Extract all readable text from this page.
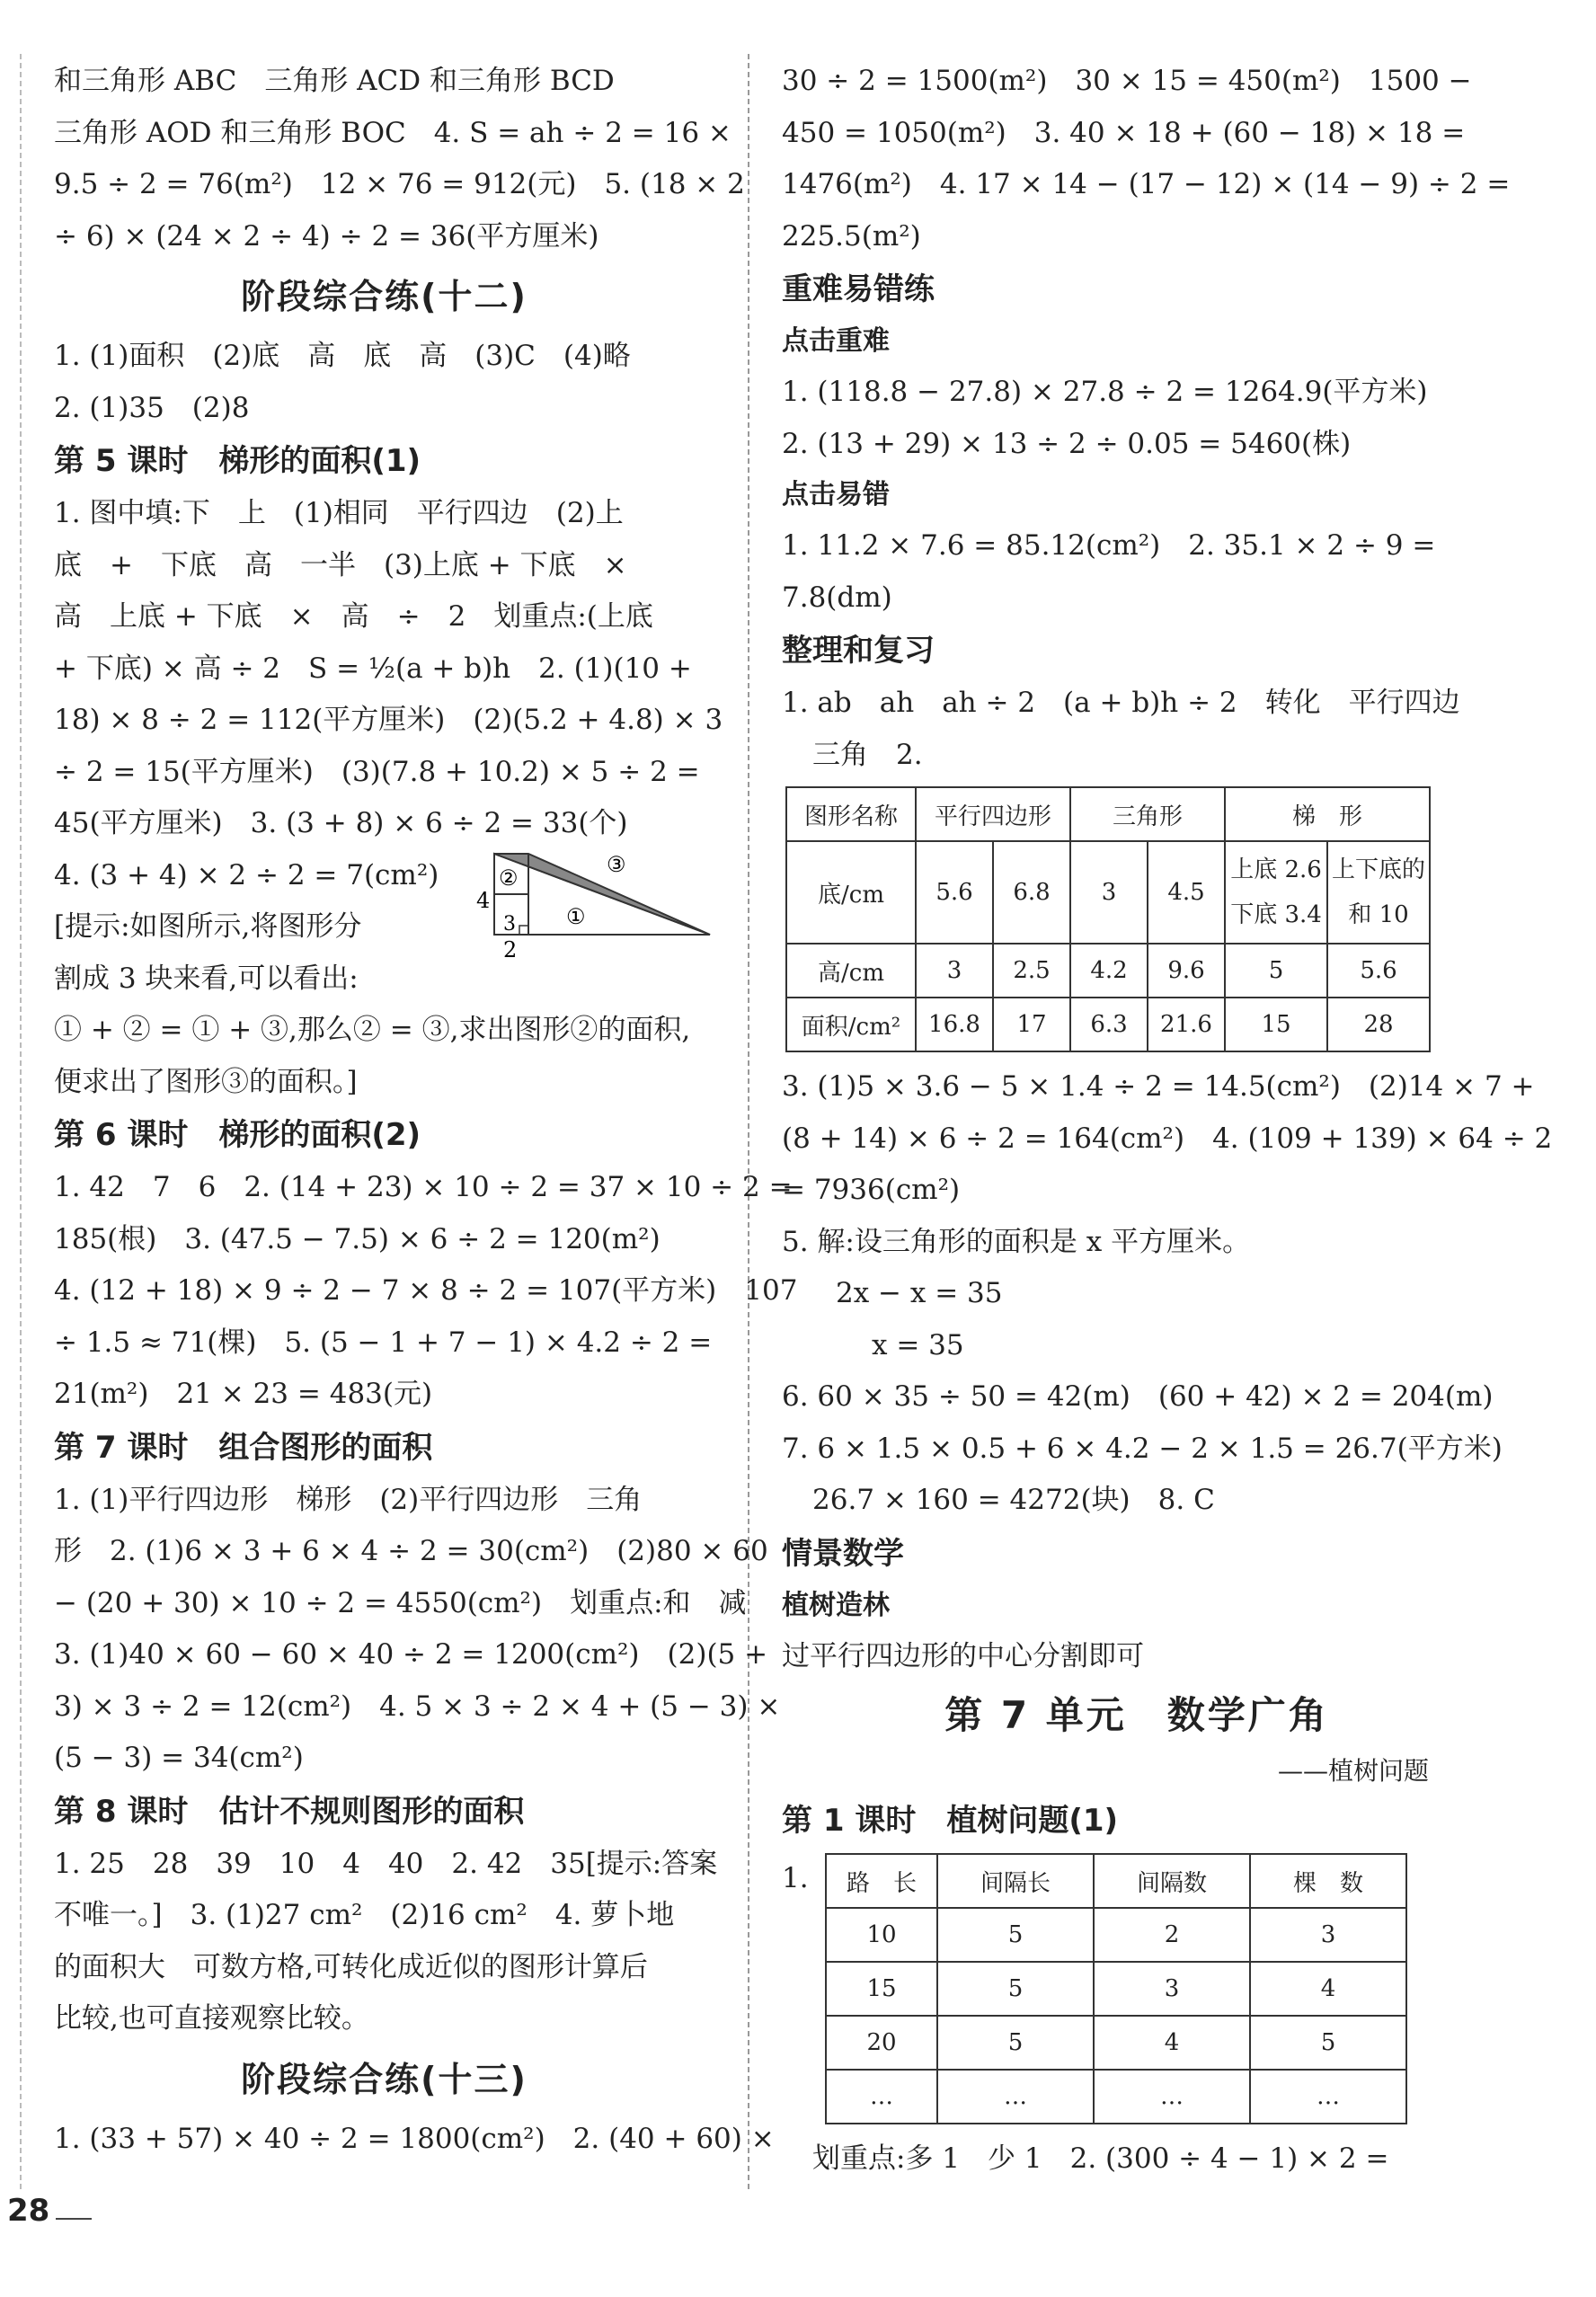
和三角形 ABC　三角形 ACD 和三角形 BCD

三角形 AOD 和三角形 BOC　4. S = ah ÷ 2 = 16 ×

9.5 ÷ 2 = 76(m²)　12 × 76 = 912(元)　5. (18 × 2

÷ 6) × (24 × 2 ÷ 4) ÷ 2 = 36(平方厘米)

阶段综合练(十二)

1. (1)面积　(2)底　高　底　高　(3)C　(4)略

2. (1)35　(2)8

第 5 课时　梯形的面积(1)

1. 图中填:下　上　(1)相同　平行四边　(2)上

底　+　下底　高　一半　(3)上底 + 下底　×

高　上底 + 下底　×　高　÷　2　划重点:(上底

+ 下底) × 高 ÷ 2　S = ½(a + b)h　2. (1)(10 +

18) × 8 ÷ 2 = 112(平方厘米)　(2)(5.2 + 4.8) × 3

÷ 2 = 15(平方厘米)　(3)(7.8 + 10.2) × 5 ÷ 2 =

45(平方厘米)　3. (3 + 8) × 6 ÷ 2 = 33(个)

4. (3 + 4) × 2 ÷ 2 = 7(cm²)

4
2
3
②
①
③

[提示:如图所示,将图形分

割成 3 块来看,可以看出:

① + ② = ① + ③,那么② = ③,求出图形②的面积,

便求出了图形③的面积。]

第 6 课时　梯形的面积(2)

1. 42　7　6　2. (14 + 23) × 10 ÷ 2 = 37 × 10 ÷ 2 =

185(根)　3. (47.5 − 7.5) × 6 ÷ 2 = 120(m²)

4. (12 + 18) × 9 ÷ 2 − 7 × 8 ÷ 2 = 107(平方米)　107

÷ 1.5 ≈ 71(棵)　5. (5 − 1 + 7 − 1) × 4.2 ÷ 2 =

21(m²)　21 × 23 = 483(元)

第 7 课时　组合图形的面积

1. (1)平行四边形　梯形　(2)平行四边形　三角

形　2. (1)6 × 3 + 6 × 4 ÷ 2 = 30(cm²)　(2)80 × 60

− (20 + 30) × 10 ÷ 2 = 4550(cm²)　划重点:和　减

3. (1)40 × 60 − 60 × 40 ÷ 2 = 1200(cm²)　(2)(5 +

3) × 3 ÷ 2 = 12(cm²)　4. 5 × 3 ÷ 2 × 4 + (5 − 3) ×

(5 − 3) = 34(cm²)

第 8 课时　估计不规则图形的面积

1. 25　28　39　10　4　40　2. 42　35[提示:答案

不唯一。]　3. (1)27 cm²　(2)16 cm²　4. 萝卜地

的面积大　可数方格,可转化成近似的图形计算后

比较,也可直接观察比较。

阶段综合练(十三)

1. (33 + 57) × 40 ÷ 2 = 1800(cm²)　2. (40 + 60) ×

30 ÷ 2 = 1500(m²)　30 × 15 = 450(m²)　1500 −

450 = 1050(m²)　3. 40 × 18 + (60 − 18) × 18 =

1476(m²)　4. 17 × 14 − (17 − 12) × (14 − 9) ÷ 2 =

225.5(m²)

重难易错练
点击重难

1. (118.8 − 27.8) × 27.8 ÷ 2 = 1264.9(平方米)

2. (13 + 29) × 13 ÷ 2 ÷ 0.05 = 5460(株)

点击易错

1. 11.2 × 7.6 = 85.12(cm²)　2. 35.1 × 2 ÷ 9 =

7.8(dm)

整理和复习

1. ab　ah　ah ÷ 2　(a + b)h ÷ 2　转化　平行四边

三角　2.

图形名称	平行四边形		三角形		梯　形	
底/cm	5.6	6.8	3	4.5	上底 2.6
下底 3.4	上下底的
和 10
高/cm	3	2.5	4.2	9.6	5	5.6
面积/cm²	16.8	17	6.3	21.6	15	28

3. (1)5 × 3.6 − 5 × 1.4 ÷ 2 = 14.5(cm²)　(2)14 × 7 +

(8 + 14) × 6 ÷ 2 = 164(cm²)　4. (109 + 139) × 64 ÷ 2

= 7936(cm²)

5. 解:设三角形的面积是 x 平方厘米。

2x − x = 35

x = 35

6. 60 × 35 ÷ 50 = 42(m)　(60 + 42) × 2 = 204(m)

7. 6 × 1.5 × 0.5 + 6 × 4.2 − 2 × 1.5 = 26.7(平方米)

26.7 × 160 = 4272(块)　8. C

情景数学
植树造林

过平行四边形的中心分割即可

第 7 单元　数学广角
——植树问题
第 1 课时　植树问题(1)
1. 路　长	间隔长	间隔数	棵　数
10	5	2	3
15	5	3	4
20	5	4	5
…	…	…	…

划重点:多 1　少 1　2. (300 ÷ 4 − 1) × 2 =

28
